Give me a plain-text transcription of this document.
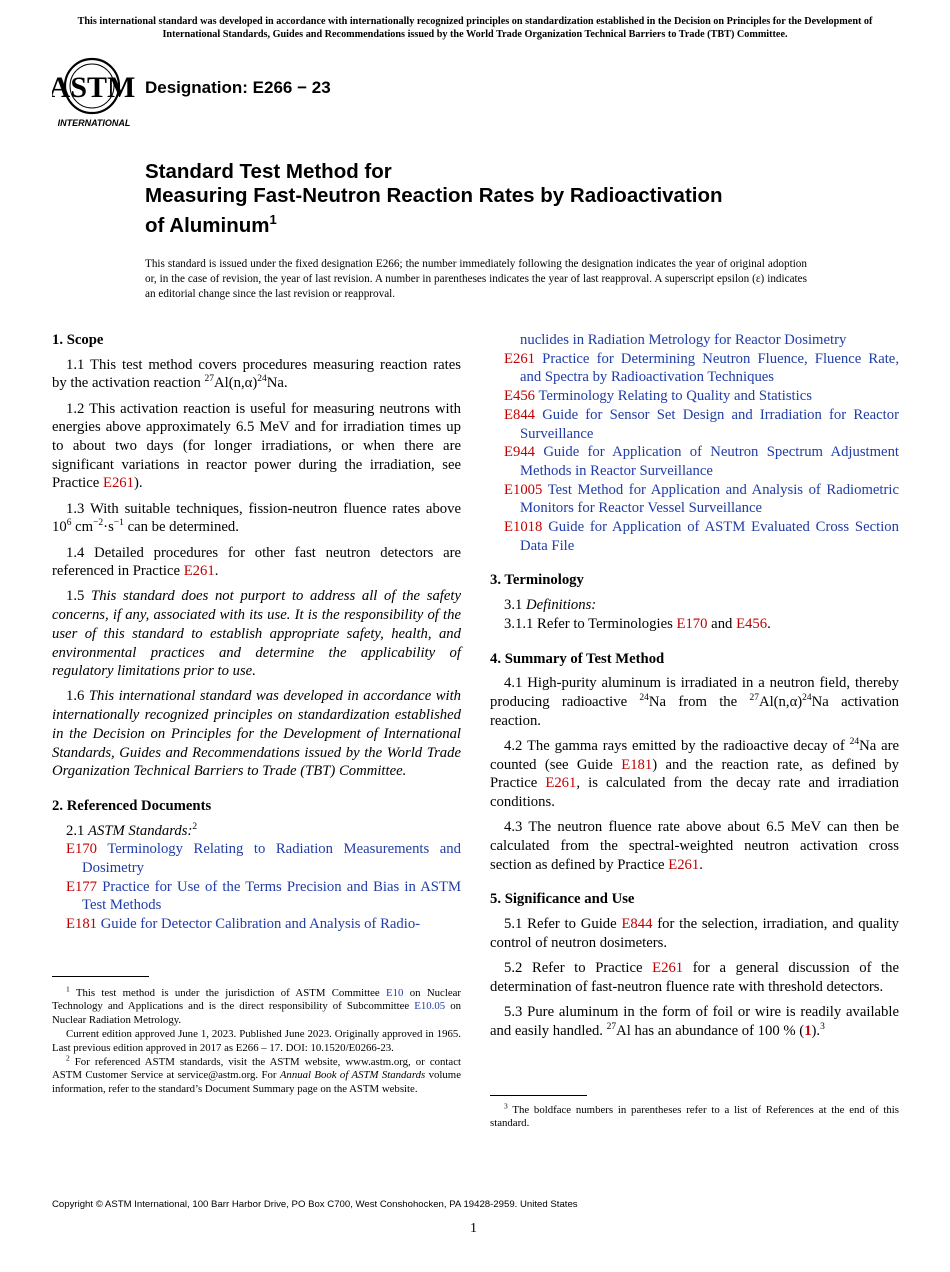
This international standard was developed in accordance with internationally recognized principles on standardization established in the Decision on Principles for the Development of International Standards, Guides and Recommendations issued by the World Trade Organization Technical Barriers to Trade (TBT) Committee.
ASTM
INTERNATIONAL
Designation: E266 − 23
Standard Test Method for
Measuring Fast-Neutron Reaction Rates by Radioactivation
of Aluminum$^1$
This standard is issued under the fixed designation E266; the number immediately following the designation indicates the year of original adoption or, in the case of revision, the year of last revision. A number in parentheses indicates the year of last reapproval. A superscript epsilon (ε) indicates an editorial change since the last revision or reapproval.
1. Scope

1.1 This test method covers procedures measuring reaction rates by the activation reaction $^{27}Al(n,\alpha)^{24}Na$.

1.2 This activation reaction is useful for measuring neutrons with energies above approximately 6.5 MeV and for irradiation times up to about two days (for longer irradiations, or when there are significant variations in reactor power during the irradiation, see Practice E261).

1.3 With suitable techniques, fission-neutron fluence rates above $10^6$ $cm^{-2}\cdot s^{-1}$ can be determined.

1.4 Detailed procedures for other fast neutron detectors are referenced in Practice E261.

1.5 This standard does not purport to address all of the safety concerns, if any, associated with its use. It is the responsibility of the user of this standard to establish appropriate safety, health, and environmental practices and determine the applicability of regulatory limitations prior to use.

1.6 This international standard was developed in accordance with internationally recognized principles on standardization established in the Decision on Principles for the Development of International Standards, Guides and Recommendations issued by the World Trade Organization Technical Barriers to Trade (TBT) Committee.

2. Referenced Documents

2.1 ASTM Standards:$^2$

E170 Terminology Relating to Radiation Measurements and Dosimetry
E177 Practice for Use of the Terms Precision and Bias in ASTM Test Methods
E181 Guide for Detector Calibration and Analysis of Radio-

$^1$ This test method is under the jurisdiction of ASTM Committee E10 on Nuclear Technology and Applications and is the direct responsibility of Subcommittee E10.05 on Nuclear Radiation Metrology.

Current edition approved June 1, 2023. Published June 2023. Originally approved in 1965. Last previous edition approved in 2017 as E266 – 17. DOI: 10.1520/E0266-23.

$^2$ For referenced ASTM standards, visit the ASTM website, www.astm.org, or contact ASTM Customer Service at service@astm.org. For Annual Book of ASTM Standards volume information, refer to the standard’s Document Summary page on the ASTM website.

nuclides in Radiation Metrology for Reactor Dosimetry
E261 Practice for Determining Neutron Fluence, Fluence Rate, and Spectra by Radioactivation Techniques
E456 Terminology Relating to Quality and Statistics
E844 Guide for Sensor Set Design and Irradiation for Reactor Surveillance
E944 Guide for Application of Neutron Spectrum Adjustment Methods in Reactor Surveillance
E1005 Test Method for Application and Analysis of Radiometric Monitors for Reactor Vessel Surveillance
E1018 Guide for Application of ASTM Evaluated Cross Section Data File
3. Terminology

3.1 Definitions:

3.1.1 Refer to Terminologies E170 and E456.

4. Summary of Test Method

4.1 High-purity aluminum is irradiated in a neutron field, thereby producing radioactive $^{24}$Na from the $^{27}Al(n,\alpha)^{24}Na$ activation reaction.

4.2 The gamma rays emitted by the radioactive decay of $^{24}$Na are counted (see Guide E181) and the reaction rate, as defined by Practice E261, is calculated from the decay rate and irradiation conditions.

4.3 The neutron fluence rate above about 6.5 MeV can then be calculated from the spectral-weighted neutron activation cross section as defined by Practice E261.

5. Significance and Use

5.1 Refer to Guide E844 for the selection, irradiation, and quality control of neutron dosimeters.

5.2 Refer to Practice E261 for a general discussion of the determination of fast-neutron fluence rate with threshold detectors.

5.3 Pure aluminum in the form of foil or wire is readily available and easily handled. $^{27}$Al has an abundance of 100 % (1).$^3$

$^3$ The boldface numbers in parentheses refer to a list of References at the end of this standard.

Copyright © ASTM International, 100 Barr Harbor Drive, PO Box C700, West Conshohocken, PA 19428-2959. United States
1
